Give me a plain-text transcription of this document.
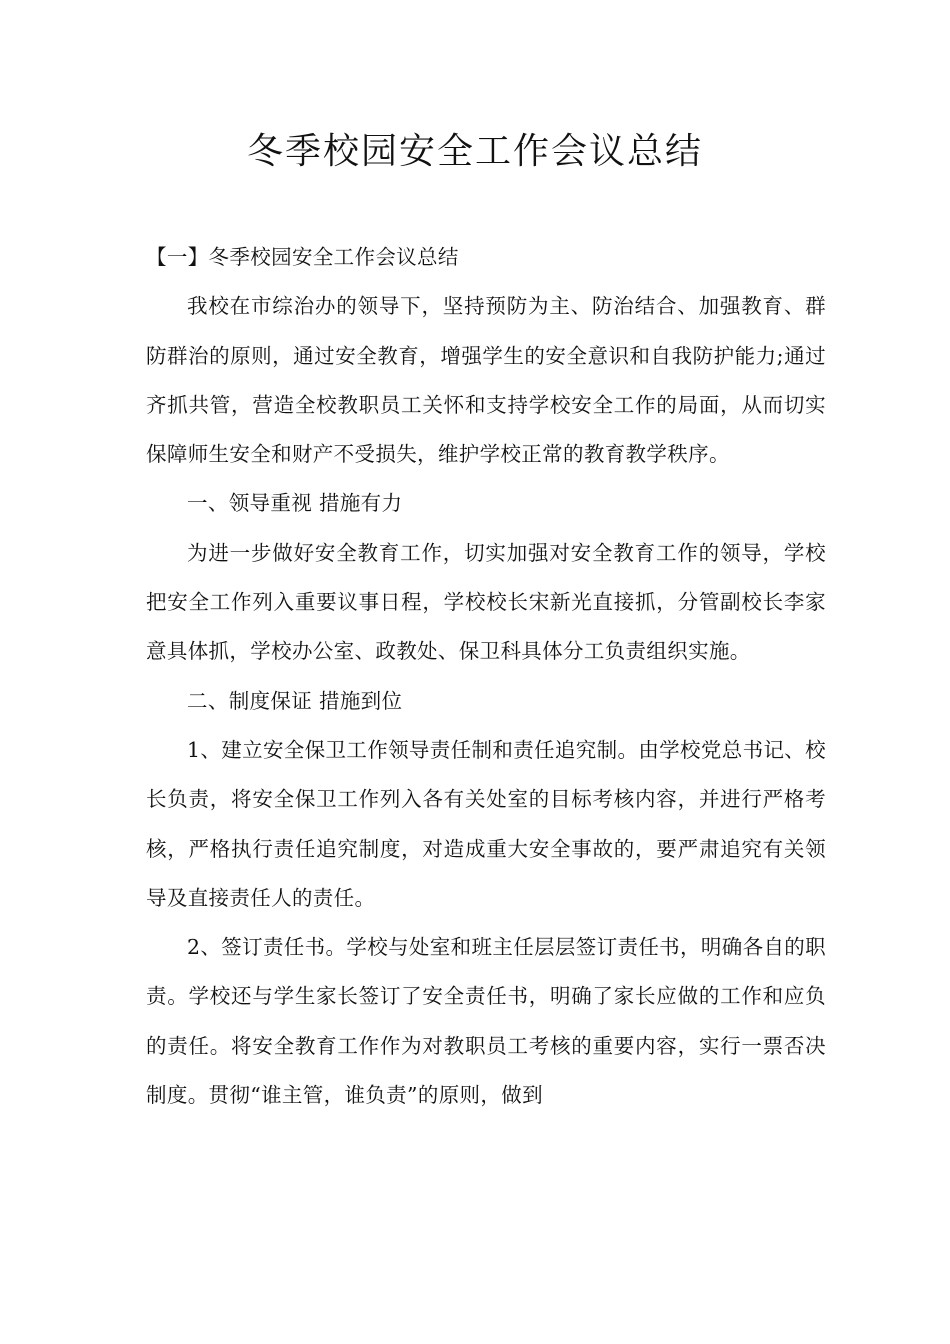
冬季校园安全工作会议总结

【一】冬季校园安全工作会议总结

我校在市综治办的领导下，坚持预防为主、防治结合、加强教育、群防群治的原则，通过安全教育，增强学生的安全意识和自我防护能力;通过齐抓共管，营造全校教职员工关怀和支持学校安全工作的局面，从而切实保障师生安全和财产不受损失，维护学校正常的教育教学秩序。

一、领导重视 措施有力

为进一步做好安全教育工作，切实加强对安全教育工作的领导，学校把安全工作列入重要议事日程，学校校长宋新光直接抓，分管副校长李家意具体抓，学校办公室、政教处、保卫科具体分工负责组织实施。

二、制度保证 措施到位

1、建立安全保卫工作领导责任制和责任追究制。由学校党总书记、校长负责，将安全保卫工作列入各有关处室的目标考核内容，并进行严格考核，严格执行责任追究制度，对造成重大安全事故的，要严肃追究有关领导及直接责任人的责任。

2、签订责任书。学校与处室和班主任层层签订责任书，明确各自的职责。学校还与学生家长签订了安全责任书，明确了家长应做的工作和应负的责任。将安全教育工作作为对教职员工考核的重要内容，实行一票否决制度。贯彻“谁主管，谁负责”的原则，做到
